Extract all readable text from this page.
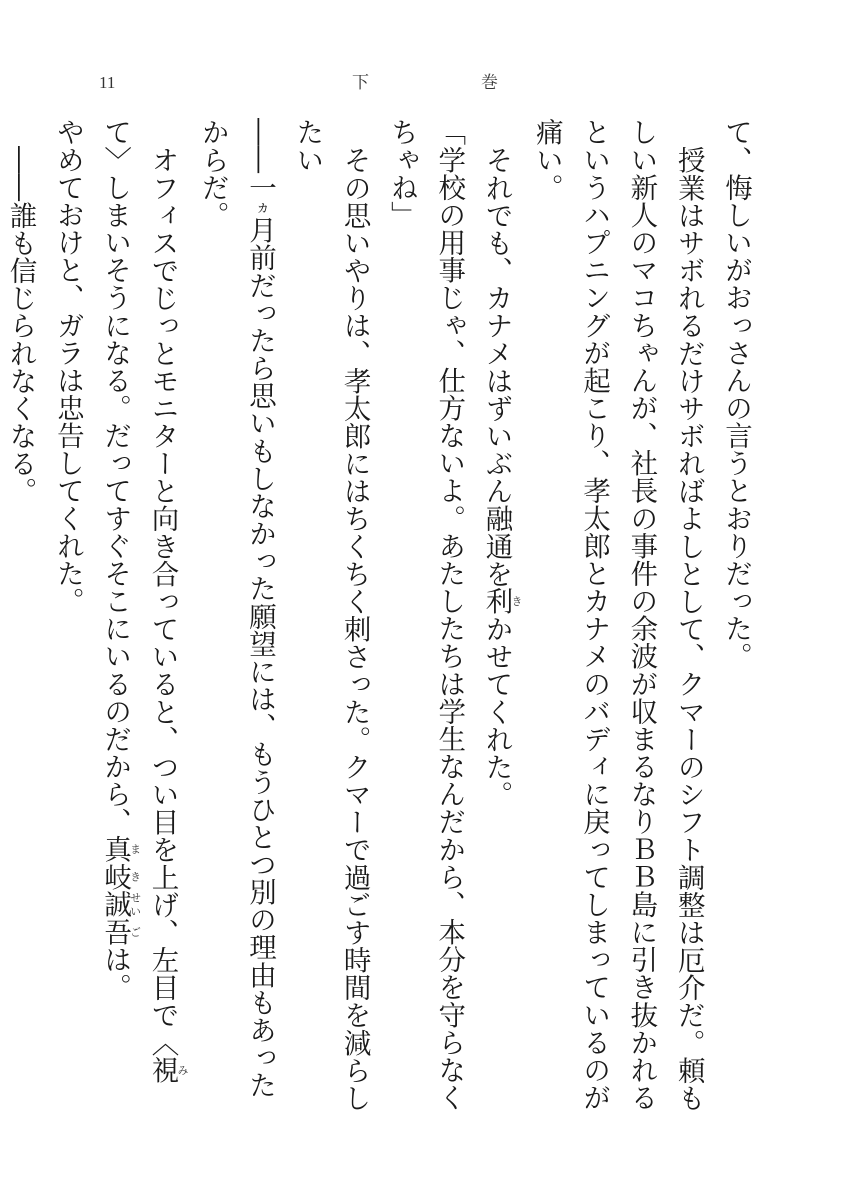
11	下	巻

て、悔しいがおっさんの言うとおりだった。

授業はサボれるだけサボればよしとして、クマーのシフト調整は厄介だ。頼もしい新人のマコちゃんが、社長の事件の余波が収まるなりＢＢ島に引き抜かれるというハプニングが起こり、孝太郎とカナメのバディに戻ってしまっているのが痛い。

それでも、カナメはずいぶん融通を利きかせてくれた。

「学校の用事じゃ、仕方ないよ。あたしたちは学生なんだから、本分を守らなくちゃね」

その思いやりは、孝太郎にはちくちく刺さった。クマーで過ごす時間を減らしたい

――一ヵ月前だったら思いもしなかった願望には、もうひとつ別の理由もあったからだ。

オフィスでじっとモニターと向き合っていると、つい目を上げ、左目で〈視みて〉しまいそうになる。だってすぐそこにいるのだから、真ま岐き誠せい吾ごは。

やめておけと、ガラは忠告してくれた。

――誰も信じられなくなる。
